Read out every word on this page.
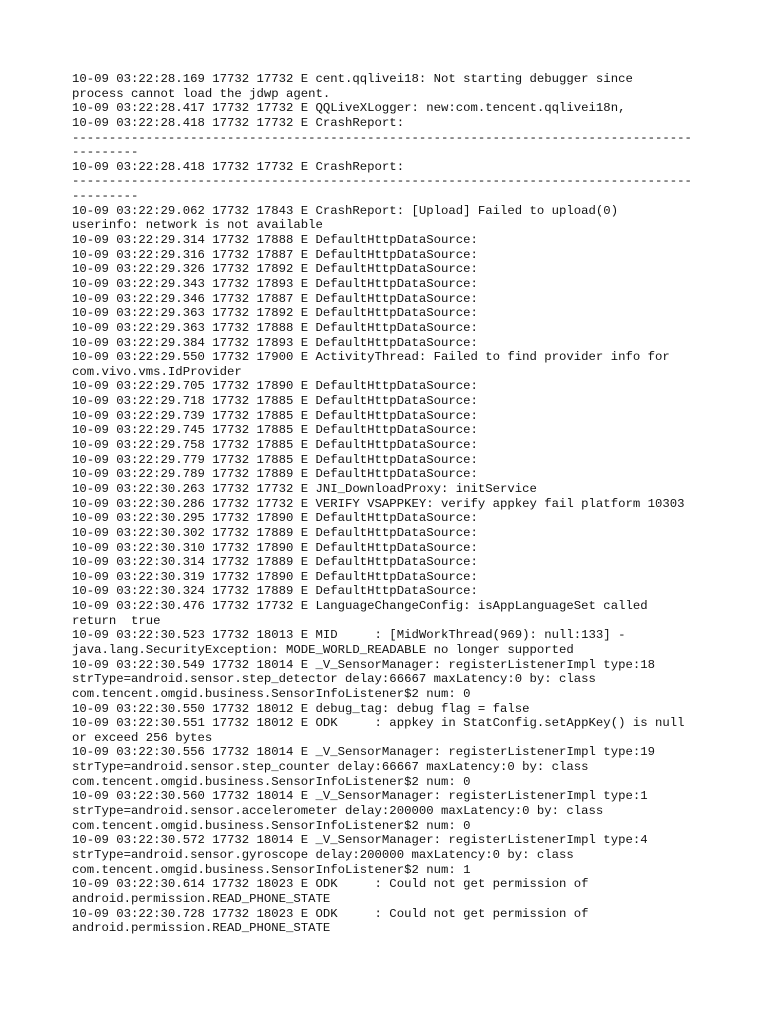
10-09 03:22:28.169 17732 17732 E cent.qqlivei18: Not starting debugger since
process cannot load the jdwp agent.
10-09 03:22:28.417 17732 17732 E QQLiveXLogger: new:com.tencent.qqlivei18n,
10-09 03:22:28.418 17732 17732 E CrashReport:
------------------------------------------------------------------------------------
---------
10-09 03:22:28.418 17732 17732 E CrashReport:
------------------------------------------------------------------------------------
---------
10-09 03:22:29.062 17732 17843 E CrashReport: [Upload] Failed to upload(0)
userinfo: network is not available
10-09 03:22:29.314 17732 17888 E DefaultHttpDataSource:
10-09 03:22:29.316 17732 17887 E DefaultHttpDataSource:
10-09 03:22:29.326 17732 17892 E DefaultHttpDataSource:
10-09 03:22:29.343 17732 17893 E DefaultHttpDataSource:
10-09 03:22:29.346 17732 17887 E DefaultHttpDataSource:
10-09 03:22:29.363 17732 17892 E DefaultHttpDataSource:
10-09 03:22:29.363 17732 17888 E DefaultHttpDataSource:
10-09 03:22:29.384 17732 17893 E DefaultHttpDataSource:
10-09 03:22:29.550 17732 17900 E ActivityThread: Failed to find provider info for
com.vivo.vms.IdProvider
10-09 03:22:29.705 17732 17890 E DefaultHttpDataSource:
10-09 03:22:29.718 17732 17885 E DefaultHttpDataSource:
10-09 03:22:29.739 17732 17885 E DefaultHttpDataSource:
10-09 03:22:29.745 17732 17885 E DefaultHttpDataSource:
10-09 03:22:29.758 17732 17885 E DefaultHttpDataSource:
10-09 03:22:29.779 17732 17885 E DefaultHttpDataSource:
10-09 03:22:29.789 17732 17889 E DefaultHttpDataSource:
10-09 03:22:30.263 17732 17732 E JNI_DownloadProxy: initService
10-09 03:22:30.286 17732 17732 E VERIFY VSAPPKEY: verify appkey fail platform 10303
10-09 03:22:30.295 17732 17890 E DefaultHttpDataSource:
10-09 03:22:30.302 17732 17889 E DefaultHttpDataSource:
10-09 03:22:30.310 17732 17890 E DefaultHttpDataSource:
10-09 03:22:30.314 17732 17889 E DefaultHttpDataSource:
10-09 03:22:30.319 17732 17890 E DefaultHttpDataSource:
10-09 03:22:30.324 17732 17889 E DefaultHttpDataSource:
10-09 03:22:30.476 17732 17732 E LanguageChangeConfig: isAppLanguageSet called
return  true
10-09 03:22:30.523 17732 18013 E MID     : [MidWorkThread(969): null:133] -
java.lang.SecurityException: MODE_WORLD_READABLE no longer supported
10-09 03:22:30.549 17732 18014 E _V_SensorManager: registerListenerImpl type:18
strType=android.sensor.step_detector delay:66667 maxLatency:0 by: class
com.tencent.omgid.business.SensorInfoListener$2 num: 0
10-09 03:22:30.550 17732 18012 E debug_tag: debug flag = false
10-09 03:22:30.551 17732 18012 E ODK     : appkey in StatConfig.setAppKey() is null
or exceed 256 bytes
10-09 03:22:30.556 17732 18014 E _V_SensorManager: registerListenerImpl type:19
strType=android.sensor.step_counter delay:66667 maxLatency:0 by: class
com.tencent.omgid.business.SensorInfoListener$2 num: 0
10-09 03:22:30.560 17732 18014 E _V_SensorManager: registerListenerImpl type:1
strType=android.sensor.accelerometer delay:200000 maxLatency:0 by: class
com.tencent.omgid.business.SensorInfoListener$2 num: 0
10-09 03:22:30.572 17732 18014 E _V_SensorManager: registerListenerImpl type:4
strType=android.sensor.gyroscope delay:200000 maxLatency:0 by: class
com.tencent.omgid.business.SensorInfoListener$2 num: 1
10-09 03:22:30.614 17732 18023 E ODK     : Could not get permission of
android.permission.READ_PHONE_STATE
10-09 03:22:30.728 17732 18023 E ODK     : Could not get permission of
android.permission.READ_PHONE_STATE
